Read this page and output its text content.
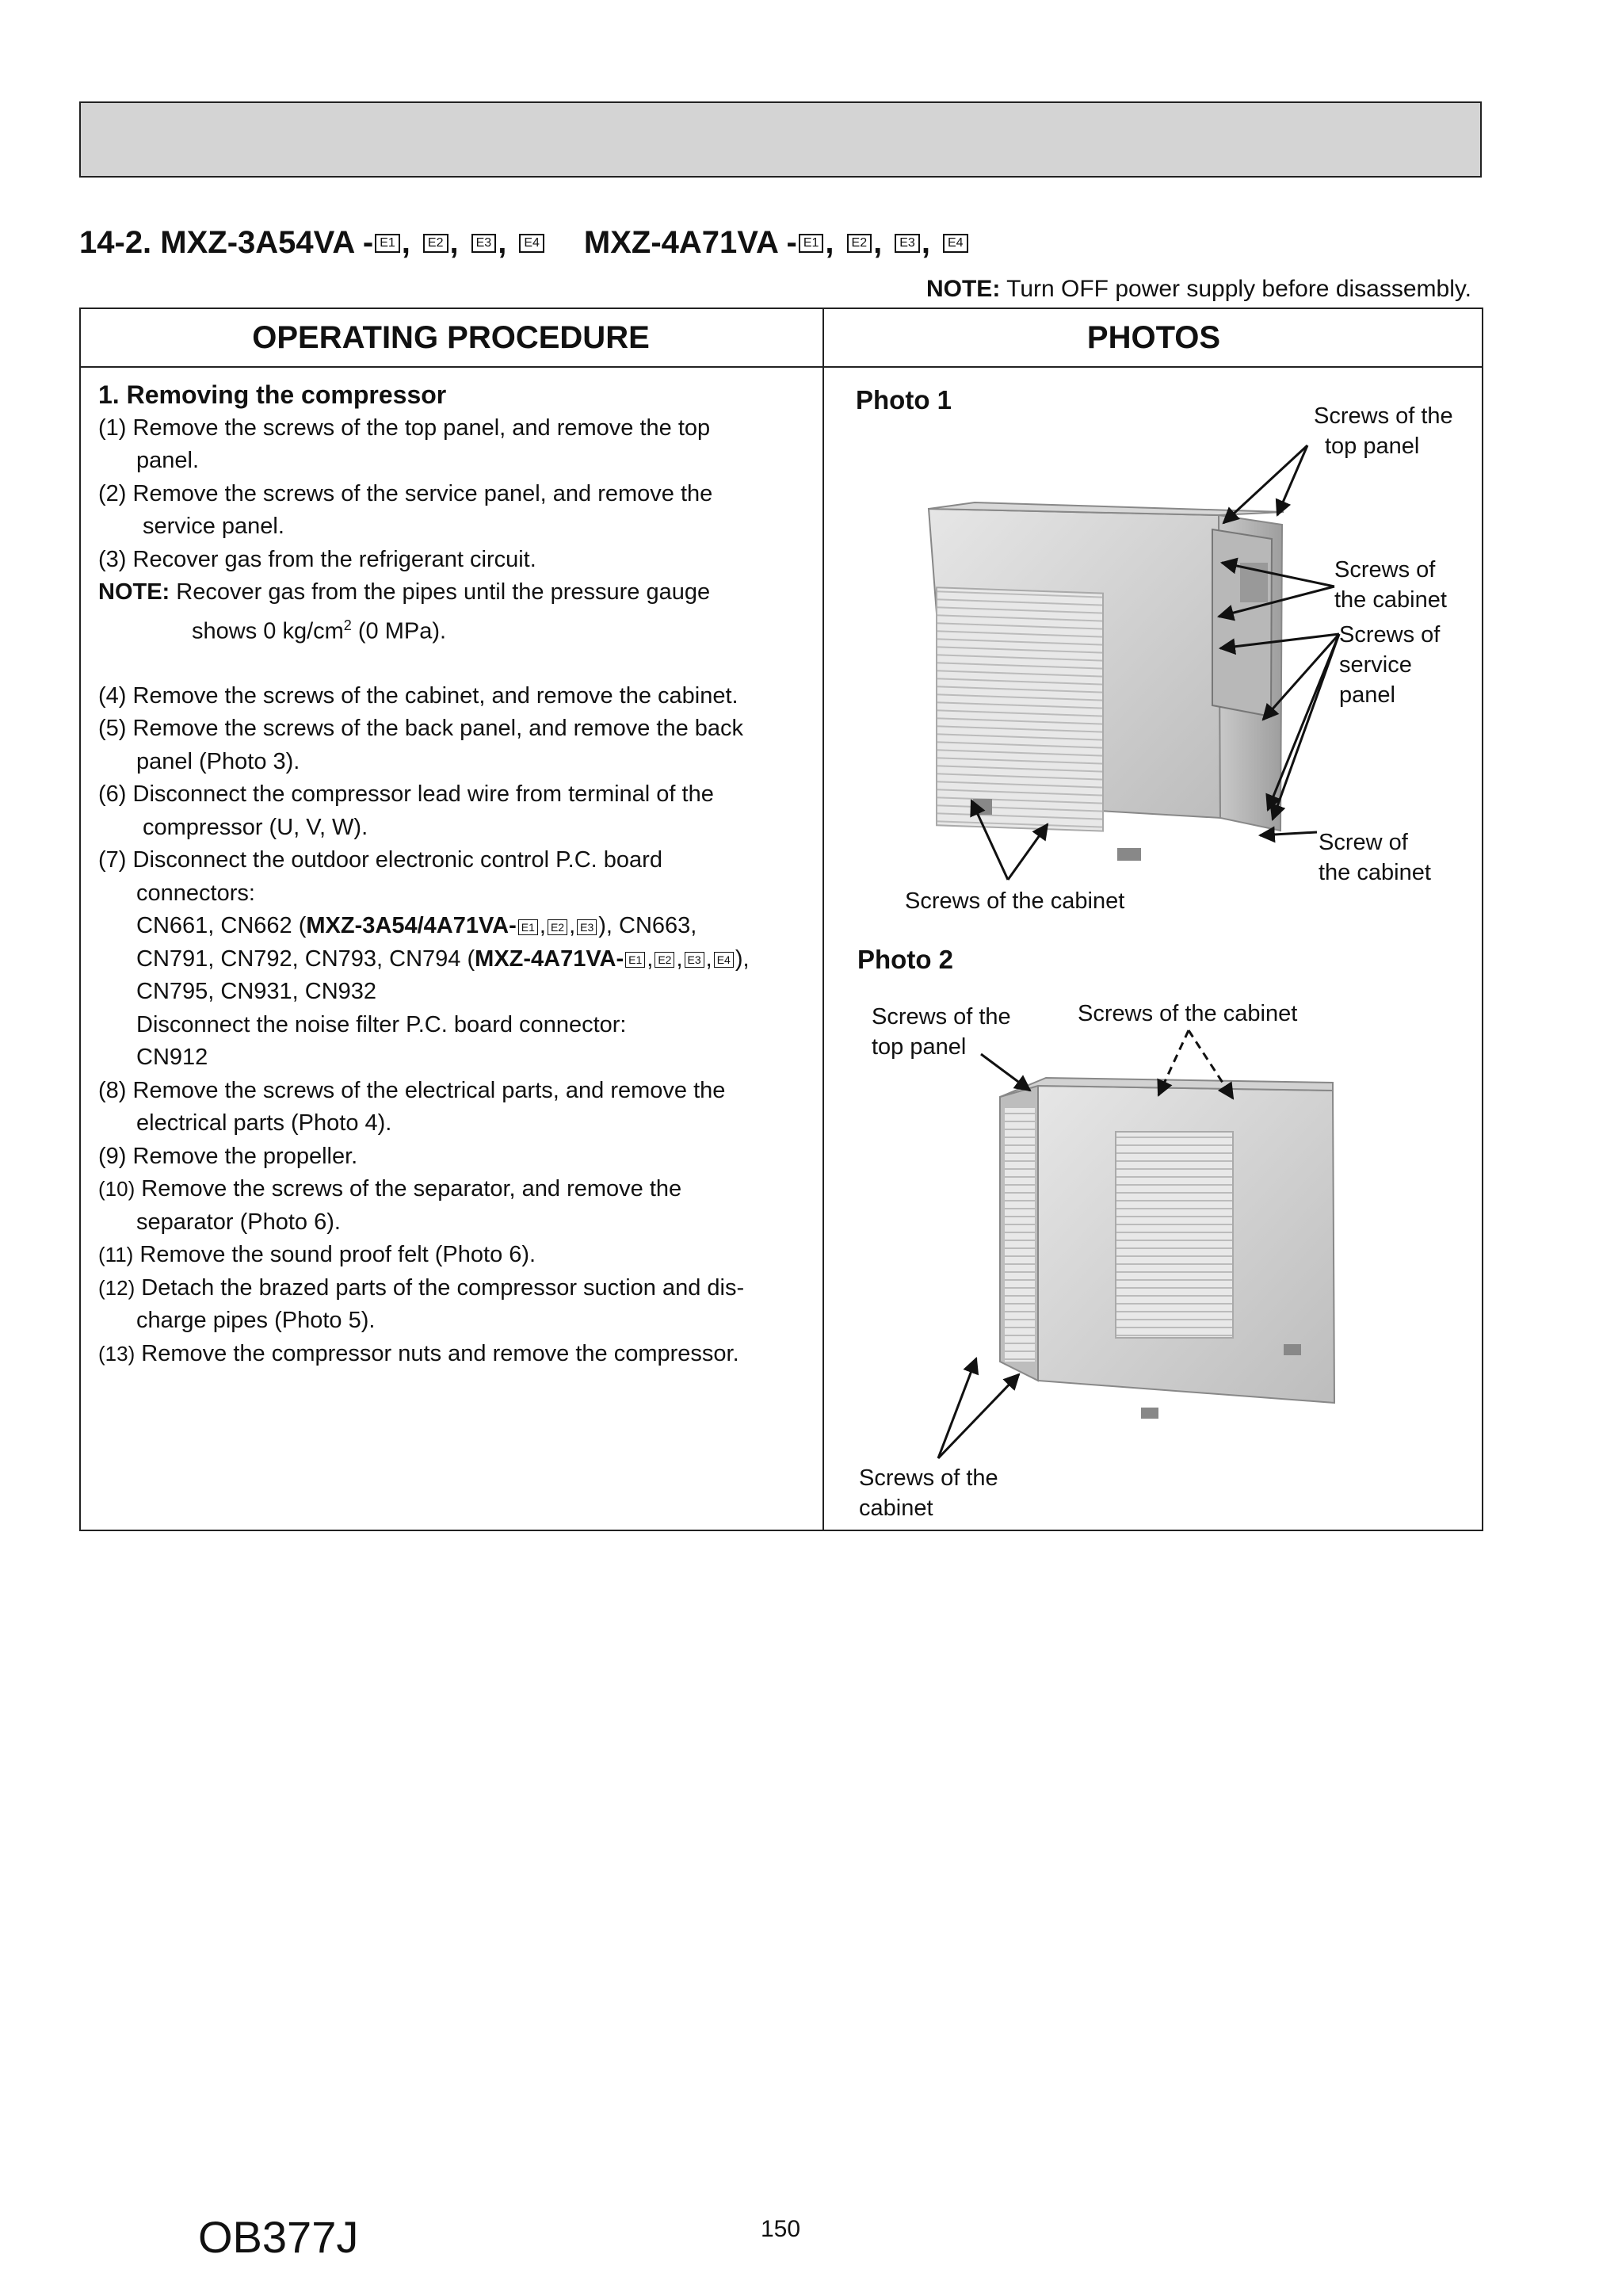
14-2. MXZ-3A54VA - E1 ,	E2 ,	E3 ,	E4 MXZ-4A71VA - E1 ,	E2 ,	E3 ,	E4
NOTE: Turn OFF power supply before disassembly.
OPERATING PROCEDURE	PHOTOS
1. Removing the compressor
(1) Remove the screws of the top panel, and remove the top
panel.
(2) Remove the screws of the service panel, and remove the
service panel.
(3) Recover gas from the refrigerant circuit.
NOTE: Recover gas from the pipes until the pressure gauge
shows 0 $kg/cm^2$ (0 MPa).
(4) Remove the screws of the cabinet, and remove the cabinet.
(5) Remove the screws of the back panel, and remove the back
panel (Photo 3).
(6) Disconnect the compressor lead wire from terminal of the
compressor (U, V, W).
(7) Disconnect the outdoor electronic control P.C. board
connectors:
CN661, CN662 (MXZ-3A54/4A71VA- E1 , E2 , E3 ), CN663,
CN791, CN792, CN793, CN794 (MXZ-4A71VA- E1 , E2 , E3 , E4 ),
CN795, CN931, CN932
Disconnect the noise filter P.C. board connector:
CN912
(8) Remove the screws of the electrical parts, and remove the
electrical parts (Photo 4).
(9) Remove the propeller.
(10) Remove the screws of the separator, and remove the
separator (Photo 6).
(11) Remove the sound proof felt (Photo 6).
(12) Detach the brazed parts of the compressor suction and dis-
charge pipes (Photo 5).
(13) Remove the compressor nuts and remove the compressor.
Photo 1
Screws of the
top panel
Screws of
the cabinet
Screws of
service
panel
Screw of
the cabinet
Screws of the cabinet
Photo 2
Screws of the
top panel
Screws of the cabinet
Screws of the
cabinet
OB377J	150
